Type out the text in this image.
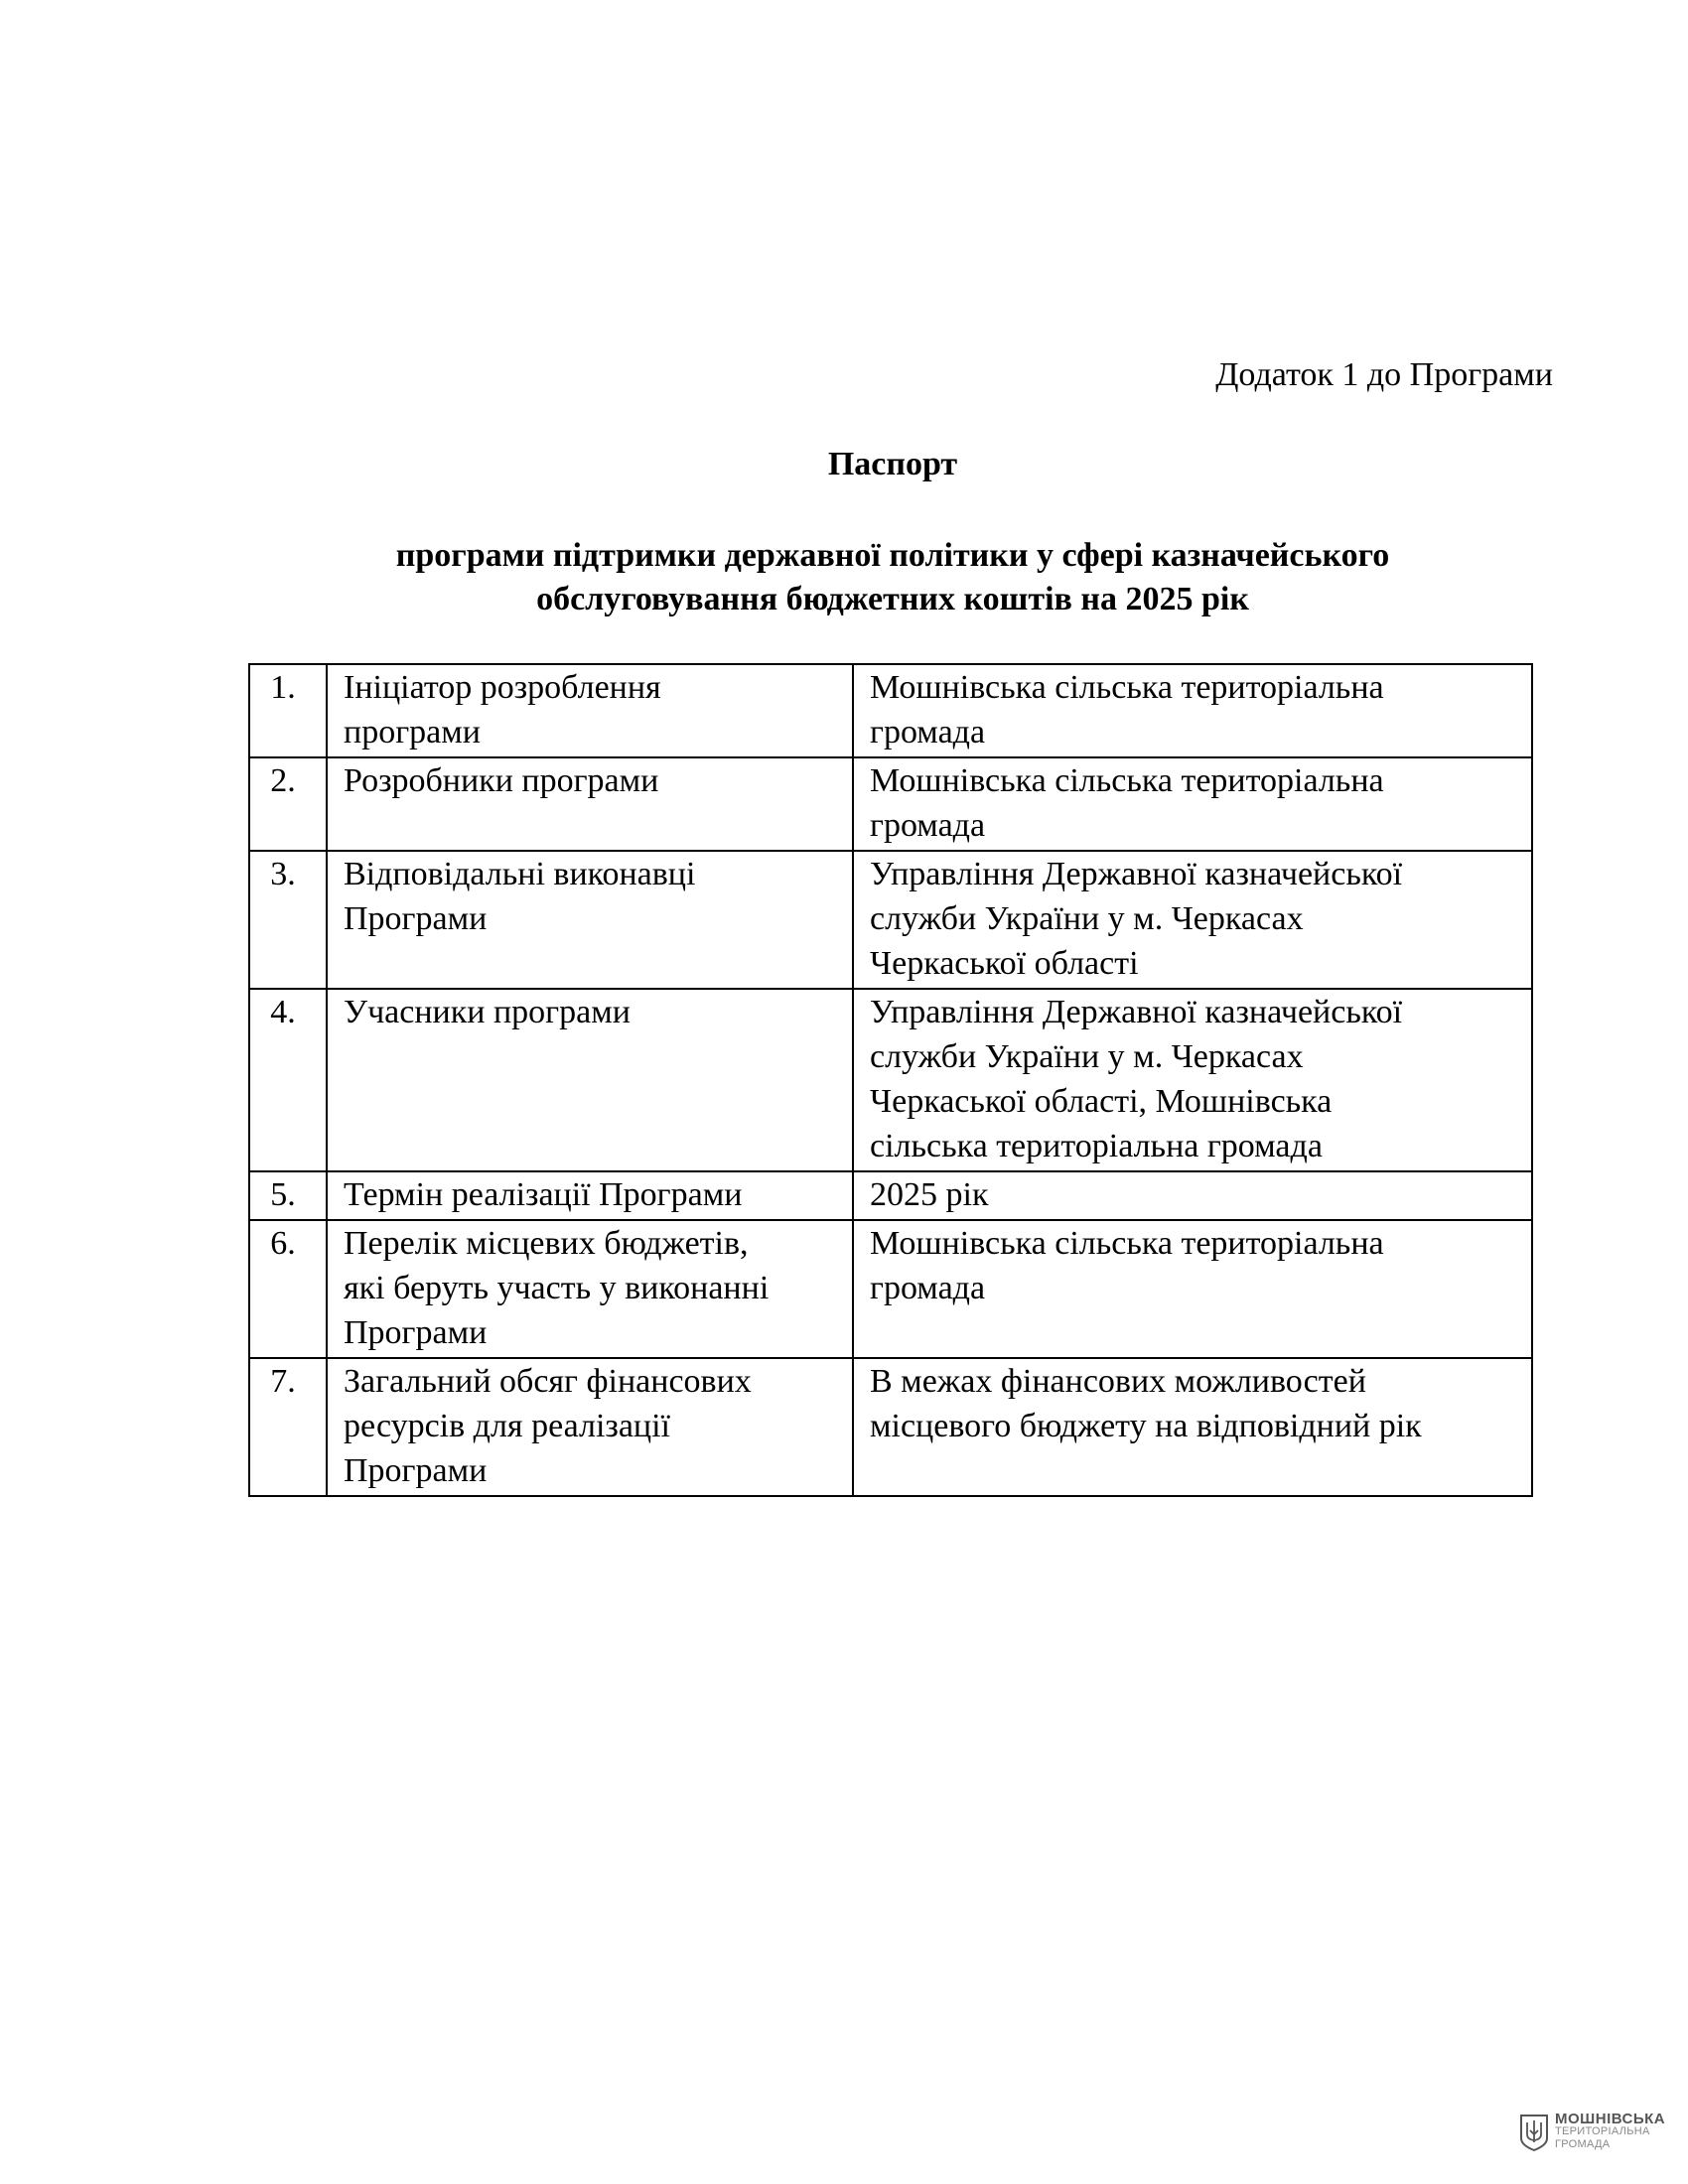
Додаток 1 до Програми
Паспорт
програми підтримки державної політики у сфері казначейського
обслуговування бюджетних коштів на 2025 рік
1.	Ініціатор розроблення
програми	Мошнівська сільська територіальна
громада

2.	Розробники програми	Мошнівська сільська територіальна
громада

3.	Відповідальні виконавці
Програми	Управління Державної казначейської
служби України у м. Черкасах
Черкаської області

4.	Учасники програми	Управління Державної казначейської
служби України у м. Черкасах
Черкаської області, Мошнівська
сільська територіальна громада

5.	Термін реалізації Програми	2025 рік

6.	Перелік місцевих бюджетів,
які беруть участь у виконанні
Програми	Мошнівська сільська територіальна
громада

7.	Загальний обсяг фінансових
ресурсів для реалізації
Програми	В межах фінансових можливостей
місцевого бюджету на відповідний рік
МОШНІВСЬКА
ТЕРИТОРІАЛЬНА
ГРОМАДА
